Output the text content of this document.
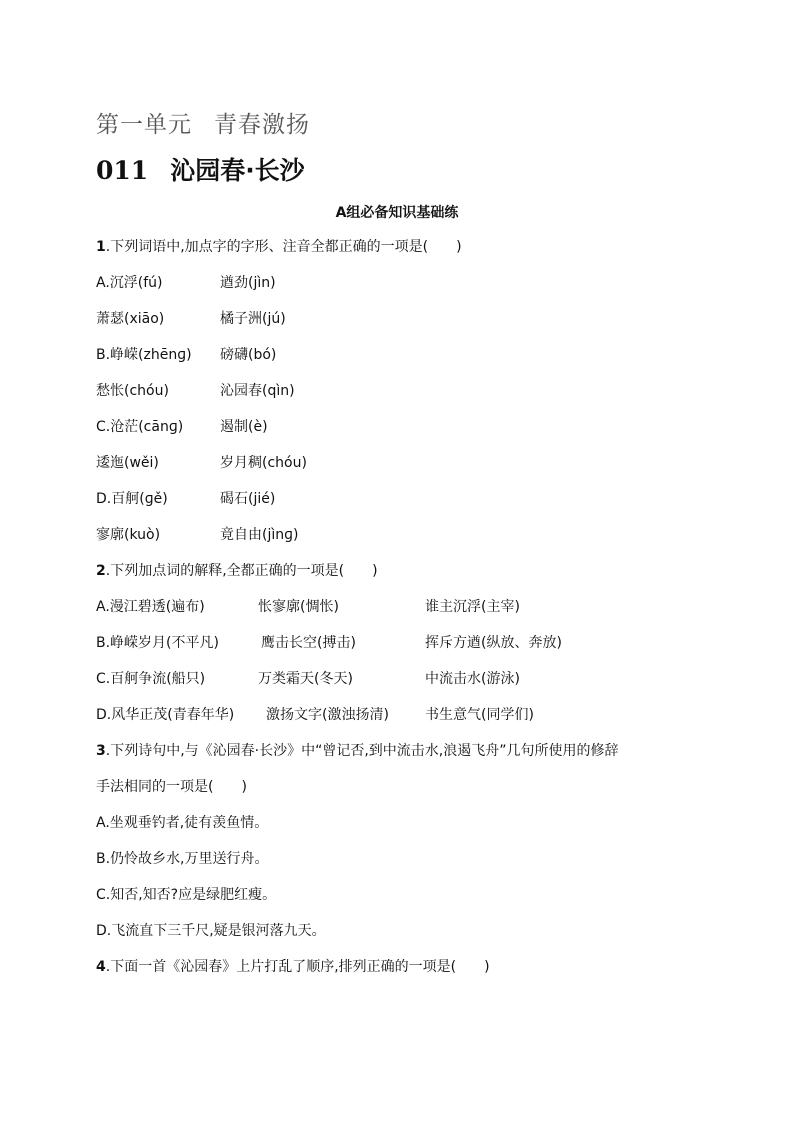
第一单元 青春激扬
011 沁园春·长沙
A组必备知识基础练
1.下列词语中,加点字的字形、注音全都正确的一项是(　　)
A.沉浮(fú)	遒劲(jìn)
萧瑟(xiāo)	橘子洲(jú)
B.峥嵘(zhēnɡ) 磅礴(bó)
愁怅(chóu)	沁园春(qìn)
C.沧茫(cānɡ)	遏制(è)
逶迤(wěi)	岁月稠(chóu)
D.百舸(ɡě)	碣石(jié)
寥廓(kuò)	竟自由(jìnɡ)
2.下列加点词的解释,全都正确的一项是(　　)
A.漫江碧透(遍布)	怅寥廓(惆怅)	谁主沉浮(主宰)
B.峥嵘岁月(不平凡)	鹰击长空(搏击)	挥斥方遒(纵放、奔放)
C.百舸争流(船只)	万类霜天(冬天)	中流击水(游泳)
D.风华正茂(青春年华) 激扬文字(激浊扬清)	书生意气(同学们)
3.下列诗句中,与《沁园春·长沙》中“曾记否,到中流击水,浪遏飞舟”几句所使用的修辞
手法相同的一项是(　　)
A.坐观垂钓者,徒有羡鱼情。
B.仍怜故乡水,万里送行舟。
C.知否,知否?应是绿肥红瘦。
D.飞流直下三千尺,疑是银河落九天。
4.下面一首《沁园春》上片打乱了顺序,排列正确的一项是(　　)
